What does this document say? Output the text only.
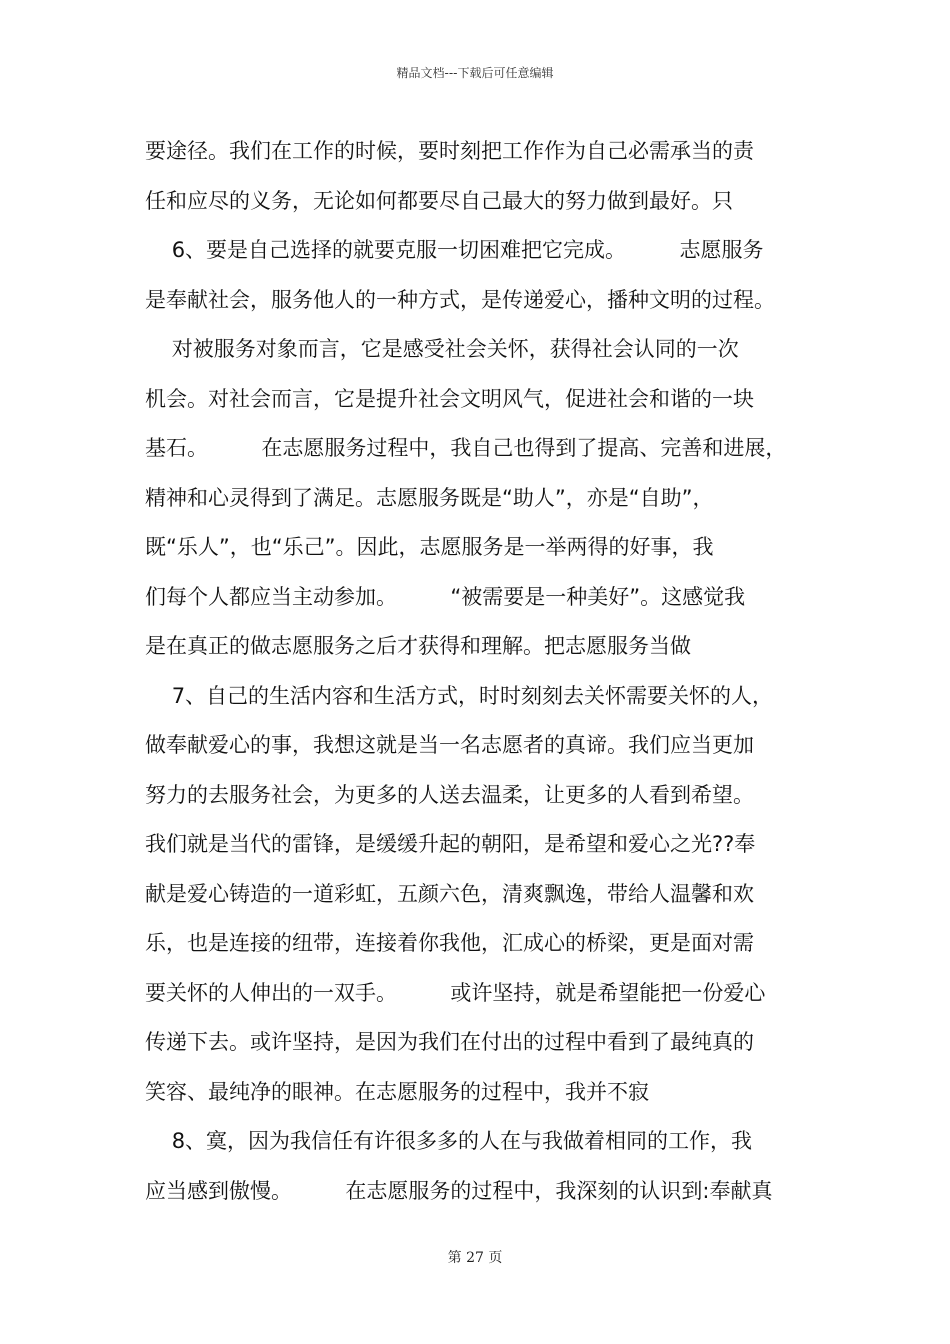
精品文档---下载后可任意编辑
要途径。我们在工作的时候，要时刻把工作作为自己必需承当的责
任和应尽的义务，无论如何都要尽自己最大的努力做到最好。只
6、要是自己选择的就要克服一切困难把它完成。        志愿服务
是奉献社会，服务他人的一种方式，是传递爱心，播种文明的过程。
对被服务对象而言，它是感受社会关怀，获得社会认同的一次
机会。对社会而言，它是提升社会文明风气，促进社会和谐的一块
基石。        在志愿服务过程中，我自己也得到了提高、完善和进展，
精神和心灵得到了满足。志愿服务既是“助人”，亦是“自助”，
既“乐人”，也“乐己”。因此，志愿服务是一举两得的好事，我
们每个人都应当主动参加。        “被需要是一种美好”。这感觉我
是在真正的做志愿服务之后才获得和理解。把志愿服务当做
7、自己的生活内容和生活方式，时时刻刻去关怀需要关怀的人，
做奉献爱心的事，我想这就是当一名志愿者的真谛。我们应当更加
努力的去服务社会，为更多的人送去温柔，让更多的人看到希望。
我们就是当代的雷锋，是缓缓升起的朝阳，是希望和爱心之光??奉
献是爱心铸造的一道彩虹，五颜六色，清爽飘逸，带给人温馨和欢
乐，也是连接的纽带，连接着你我他，汇成心的桥梁，更是面对需
要关怀的人伸出的一双手。        或许坚持，就是希望能把一份爱心
传递下去。或许坚持，是因为我们在付出的过程中看到了最纯真的
笑容、最纯净的眼神。在志愿服务的过程中，我并不寂
8、寞，因为我信任有许很多多的人在与我做着相同的工作，我
应当感到傲慢。        在志愿服务的过程中，我深刻的认识到:奉献真
第 27 页
